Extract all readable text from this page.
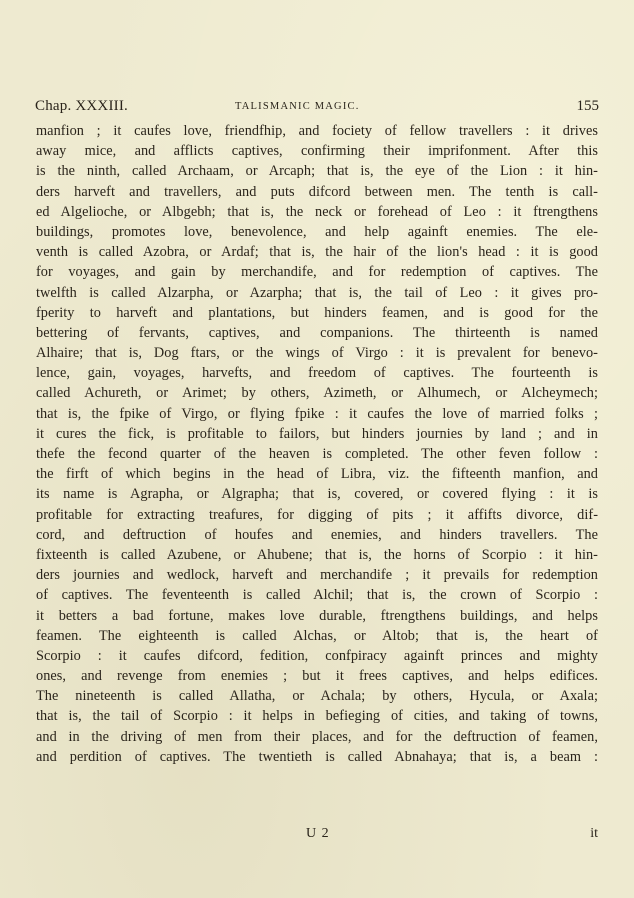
Chap. XXXIII.	TALISMANIC MAGIC.	155
manfion ; it caufes love, friendfhip, and fociety of fellow travellers : it drives
away mice, and afflicts captives, confirming their imprifonment. After this
is the ninth, called Archaam, or Arcaph; that is, the eye of the Lion : it hin-
ders harveft and travellers, and puts difcord between men. The tenth is call-
ed Algelioche, or Albgebh; that is, the neck or forehead of Leo : it ftrengthens
buildings, promotes love, benevolence, and help againft enemies. The ele-
venth is called Azobra, or Ardaf; that is, the hair of the lion's head : it is good
for voyages, and gain by merchandife, and for redemption of captives. The
twelfth is called Alzarpha, or Azarpha; that is, the tail of Leo : it gives pro-
fperity to harveft and plantations, but hinders feamen, and is good for the
bettering of fervants, captives, and companions. The thirteenth is named
Alhaire; that is, Dog ftars, or the wings of Virgo : it is prevalent for benevo-
lence, gain, voyages, harvefts, and freedom of captives. The fourteenth is
called Achureth, or Arimet; by others, Azimeth, or Alhumech, or Alcheymech;
that is, the fpike of Virgo, or flying fpike : it caufes the love of married folks ;
it cures the fick, is profitable to failors, but hinders journies by land ; and in
thefe the fecond quarter of the heaven is completed. The other feven follow :
the firft of which begins in the head of Libra, viz. the fifteenth manfion, and
its name is Agrapha, or Algrapha; that is, covered, or covered flying : it is
profitable for extracting treafures, for digging of pits ; it affifts divorce, dif-
cord, and deftruction of houfes and enemies, and hinders travellers. The
fixteenth is called Azubene, or Ahubene; that is, the horns of Scorpio : it hin-
ders journies and wedlock, harveft and merchandife ; it prevails for redemption
of captives. The feventeenth is called Alchil; that is, the crown of Scorpio :
it betters a bad fortune, makes love durable, ftrengthens buildings, and helps
feamen. The eighteenth is called Alchas, or Altob; that is, the heart of
Scorpio : it caufes difcord, fedition, confpiracy againft princes and mighty
ones, and revenge from enemies ; but it frees captives, and helps edifices.
The nineteenth is called Allatha, or Achala; by others, Hycula, or Axala;
that is, the tail of Scorpio : it helps in befieging of cities, and taking of towns,
and in the driving of men from their places, and for the deftruction of feamen,
and perdition of captives. The twentieth is called Abnahaya; that is, a beam :
U 2	it
